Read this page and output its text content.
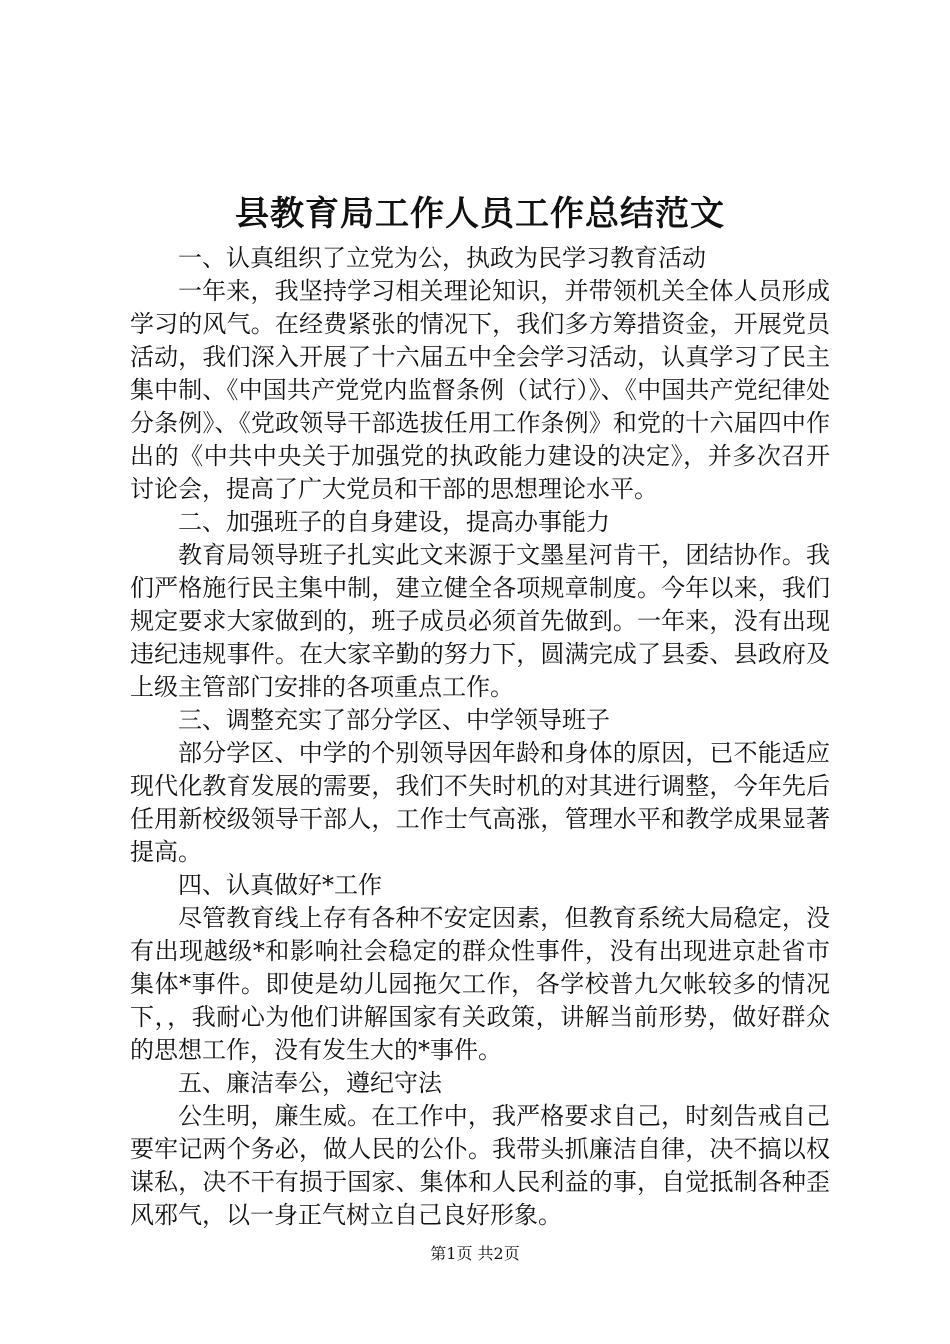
县教育局工作人员工作总结范文

一、认真组织了立党为公，执政为民学习教育活动

一年来，我坚持学习相关理论知识，并带领机关全体人员形成学习的风气。在经费紧张的情况下，我们多方筹措资金，开展党员活动，我们深入开展了十六届五中全会学习活动，认真学习了民主集中制、《中国共产党党内监督条例（试行）》、《中国共产党纪律处分条例》、《党政领导干部选拔任用工作条例》和党的十六届四中作出的《中共中央关于加强党的执政能力建设的决定》，并多次召开讨论会，提高了广大党员和干部的思想理论水平。

二、加强班子的自身建设，提高办事能力

教育局领导班子扎实此文来源于文墨星河肯干，团结协作。我们严格施行民主集中制，建立健全各项规章制度。今年以来，我们规定要求大家做到的，班子成员必须首先做到。一年来，没有出现违纪违规事件。在大家辛勤的努力下，圆满完成了县委、县政府及上级主管部门安排的各项重点工作。

三、调整充实了部分学区、中学领导班子

部分学区、中学的个别领导因年龄和身体的原因，已不能适应现代化教育发展的需要，我们不失时机的对其进行调整，今年先后任用新校级领导干部人，工作士气高涨，管理水平和教学成果显著提高。

四、认真做好*工作

尽管教育线上存有各种不安定因素，但教育系统大局稳定，没有出现越级*和影响社会稳定的群众性事件，没有出现进京赴省市集体*事件。即使是幼儿园拖欠工作，各学校普九欠帐较多的情况下，，我耐心为他们讲解国家有关政策，讲解当前形势，做好群众的思想工作，没有发生大的*事件。

五、廉洁奉公，遵纪守法

公生明，廉生威。在工作中，我严格要求自己，时刻告戒自己要牢记两个务必，做人民的公仆。我带头抓廉洁自律，决不搞以权谋私，决不干有损于国家、集体和人民利益的事，自觉抵制各种歪风邪气，以一身正气树立自己良好形象。

第1页 共2页
